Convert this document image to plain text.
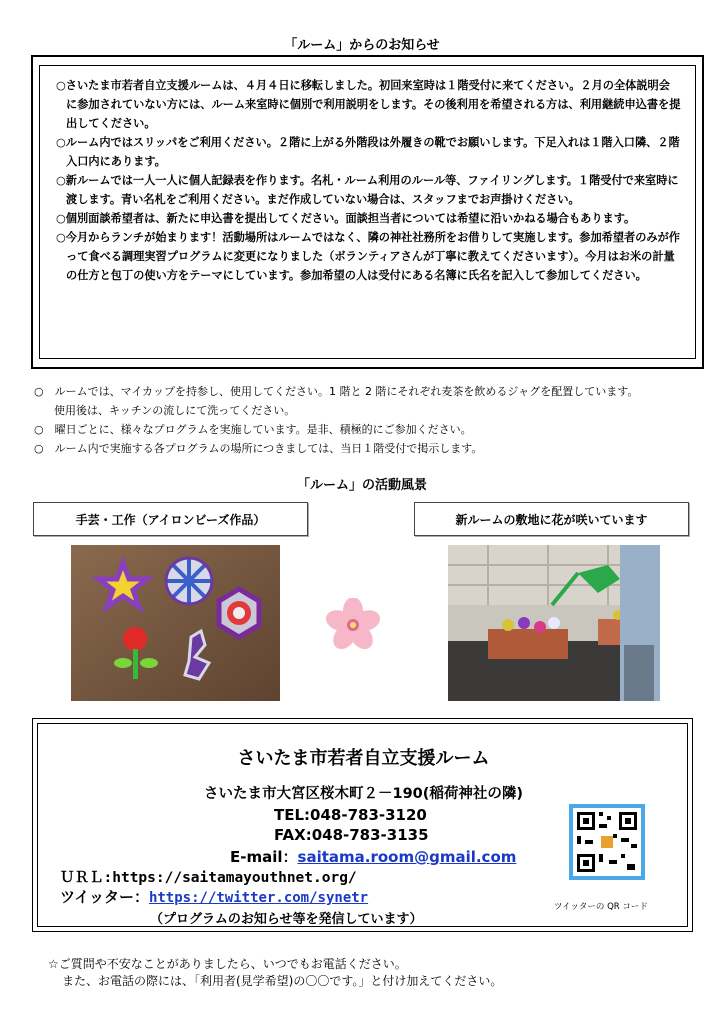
「ルーム」からのお知らせ

○さいたま市若者自立支援ルームは、４月４日に移転しました。初回来室時は１階受付に来てください。２月の全体説明会に参加されていない方には、ルーム来室時に個別で利用説明をします。その後利用を希望される方は、利用継続申込書を提出してください。

○ルーム内ではスリッパをご利用ください。２階に上がる外階段は外履きの靴でお願いします。下足入れは１階入口隣、２階入口内にあります。

○新ルームでは一人一人に個人記録表を作ります。名札・ルーム利用のルール等、ファイリングします。１階受付で来室時に渡します。青い名札をご利用ください。まだ作成していない場合は、スタッフまでお声掛けください。

○個別面談希望者は、新たに申込書を提出してください。面談担当者については希望に沿いかねる場合もあります。

○今月からランチが始まります！活動場所はルームではなく、隣の神社社務所をお借りして実施します。参加希望者のみが作って食べる調理実習プログラムに変更になりました（ボランティアさんが丁寧に教えてくださいます）。今月はお米の計量の仕方と包丁の使い方をテーマにしています。参加希望の人は受付にある名簿に氏名を記入して参加してください。

○　 ルームでは、マイカップを持参し、使用してください。1 階と 2 階にそれぞれ麦茶を飲めるジャグを配置しています。
使用後は、キッチンの流しにて洗ってください。
○　 曜日ごとに、様々なプログラムを実施しています。是非、積極的にご参加ください。
○　 ルーム内で実施する各プログラムの場所につきましては、当日１階受付で掲示します。
「ルーム」の活動風景
手芸・工作（アイロンビーズ作品）	新ルームの敷地に花が咲いています
さいたま市若者自立支援ルーム
さいたま市大宮区桜木町２－190(稲荷神社の隣)
TEL:048-783-3120
FAX:048-783-3135
E-mail：saitama.room@gmail.com
ＵＲＬ:https://saitamayouthnet.org/
ツイッター：https://twitter.com/synetr
（プログラムのお知らせ等を発信しています）
ツイッターの QR コード
☆ご質問や不安なことがありましたら、いつでもお電話ください。
また、お電話の際には、「利用者(見学希望)の〇〇です。」と付け加えてください。
